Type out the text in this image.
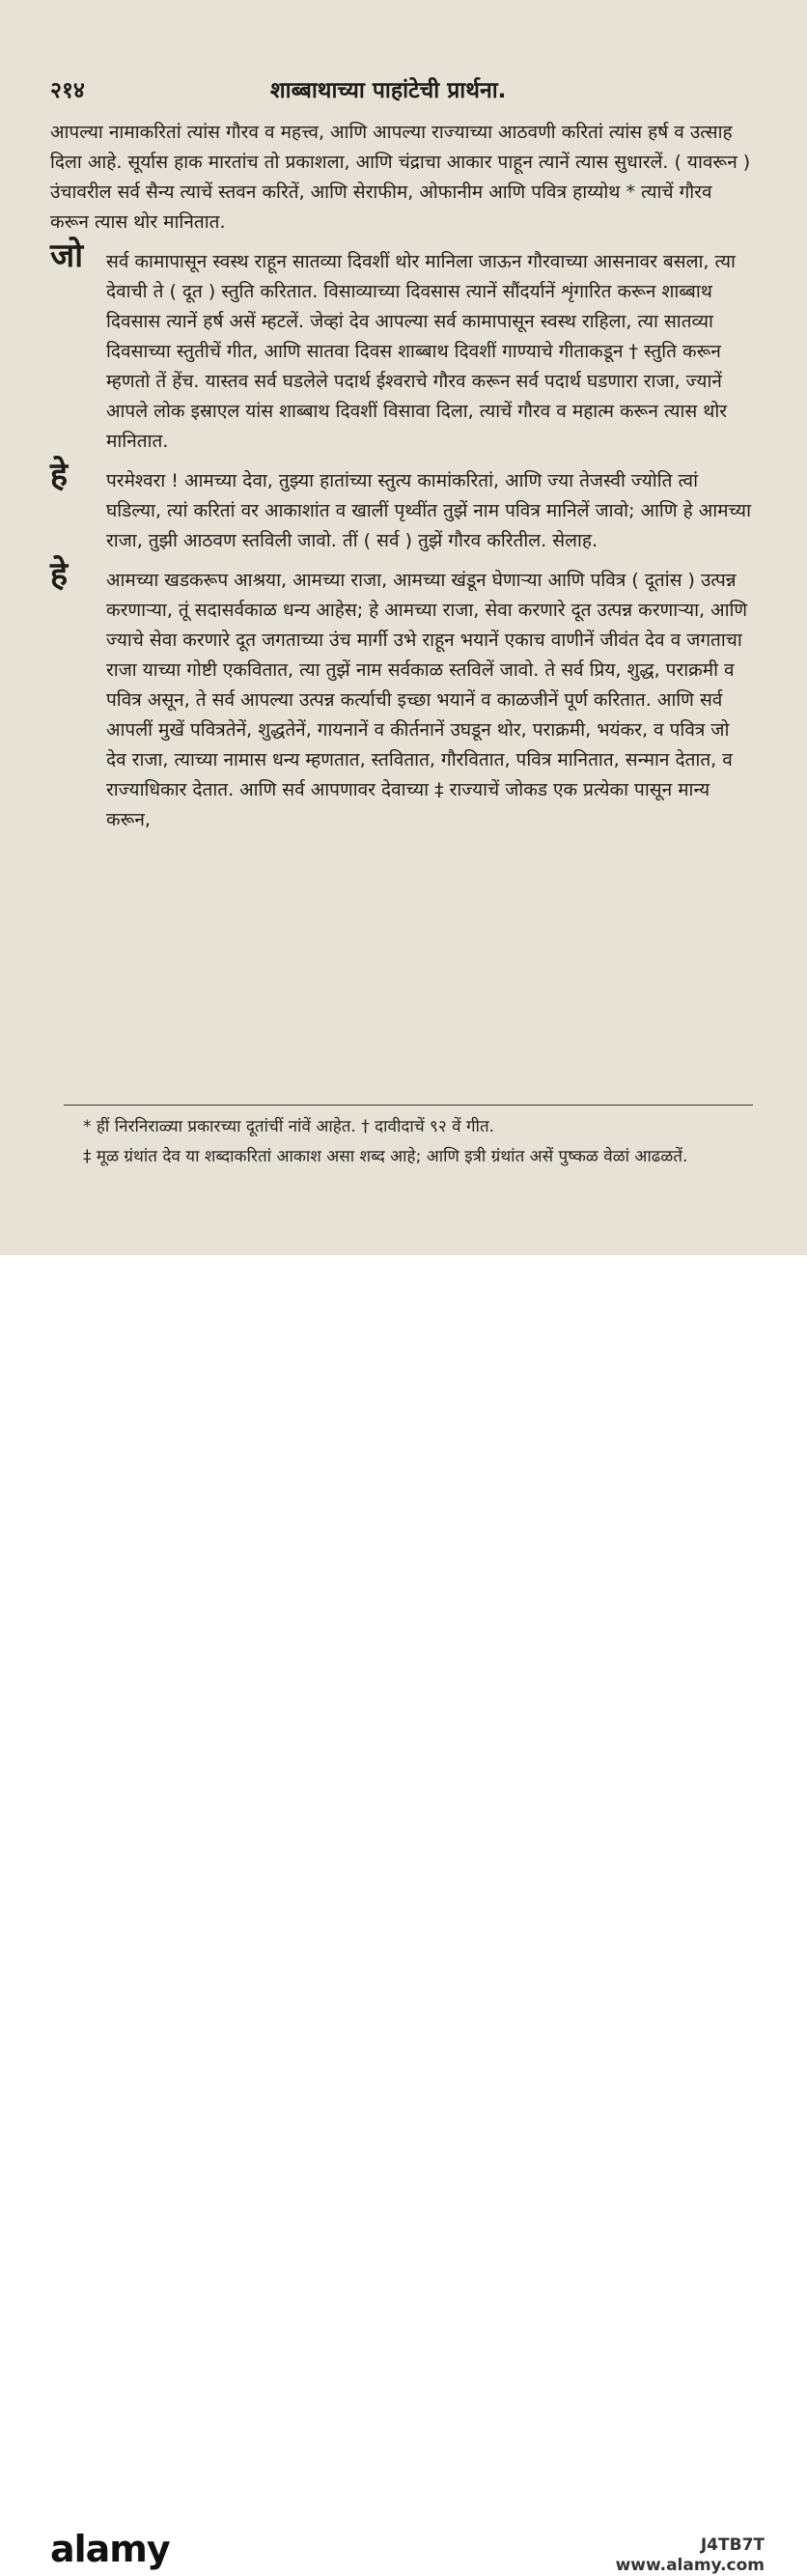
२१४	शाब्बाथाच्या पाहांटेची प्रार्थना.

आपल्या नामाकरितां त्यांस गौरव व महत्त्व, आणि आपल्या राज्याच्या आठवणी करितां त्यांस हर्ष व उत्साह दिला आहे. सूर्यास हाक मारतांच तो प्रकाशला, आणि चंद्राचा आकार पाहून त्यानें त्यास सुधारलें. ( यावरून ) उंचावरील सर्व सैन्य त्याचें स्तवन करितें, आणि सेराफीम, ओफानीम आणि पवित्र हाय्योथ * त्याचें गौरव करून त्यास थोर मानितात.

जो सर्व कामापासून स्वस्थ राहून सातव्या दिवशीं थोर मानिला जाऊन गौरवाच्या आसनावर बसला, त्या देवाची ते ( दूत ) स्तुति करितात. विसाव्याच्या दिवसास त्यानें सौंदर्यानें शृंगारित करून शाब्बाथ दिवसास त्यानें हर्ष असें म्हटलें. जेव्हां देव आपल्या सर्व कामापासून स्वस्थ राहिला, त्या सातव्या दिवसाच्या स्तुतीचें गीत, आणि सातवा दिवस शाब्बाथ दिवशीं गाण्याचे गीताकडून † स्तुति करून म्हणतो तें हेंच. यास्तव सर्व घडलेले पदार्थ ईश्वराचे गौरव करून सर्व पदार्थ घडणारा राजा, ज्यानें आपले लोक इस्राएल यांस शाब्बाथ दिवशीं विसावा दिला, त्याचें गौरव व महात्म करून त्यास थोर मानितात.

हे परमेश्वरा ! आमच्या देवा, तुझ्या हातांच्या स्तुत्य कामांकरितां, आणि ज्या तेजस्वी ज्योति त्वां घडिल्या, त्यां करितां वर आकाशांत व खालीं पृथ्वींत तुझें नाम पवित्र मानिलें जावो; आणि हे आमच्या राजा, तुझी आठवण स्तविली जावो. तीं ( सर्व ) तुझें गौरव करितील. सेलाह.

हे आमच्या खडकरूप आश्रया, आमच्या राजा, आमच्या खंडून घेणाऱ्या आणि पवित्र ( दूतांस ) उत्पन्न करणाऱ्या, तूं सदासर्वकाळ धन्य आहेस; हे आमच्या राजा, सेवा करणारे दूत उत्पन्न करणाऱ्या, आणि ज्याचे सेवा करणारे दूत जगताच्या उंच मार्गी उभे राहून भयानें एकाच वाणीनें जीवंत देव व जगताचा राजा याच्या गोष्टी एकवितात, त्या तुझें नाम सर्वकाळ स्तविलें जावो. ते सर्व प्रिय, शुद्ध, पराक्रमी व पवित्र असून, ते सर्व आपल्या उत्पन्न कर्त्याची इच्छा भयानें व काळजीनें पूर्ण करितात. आणि सर्व आपलीं मुखें पवित्रतेनें, शुद्धतेनें, गायनानें व कीर्तनानें उघडून थोर, पराक्रमी, भयंकर, व पवित्र जो देव राजा, त्याच्या नामास धन्य म्हणतात, स्तवितात, गौरवितात, पवित्र मानितात, सन्मान देतात, व राज्याधिकार देतात. आणि सर्व आपणावर देवाच्या ‡ राज्याचें जोकड एक प्रत्येका पासून मान्य करून,

* हीं निरनिराळ्या प्रकारच्या दूतांचीं नांवें आहेत. † दावीदाचें ९२ वें गीत.

‡ मूळ ग्रंथांत देव या शब्दाकरितां आकाश असा शब्द आहे; आणि इत्री ग्रंथांत असें पुष्कळ वेळां आढळतें.

alamy	J4TB7T
www.alamy.com
